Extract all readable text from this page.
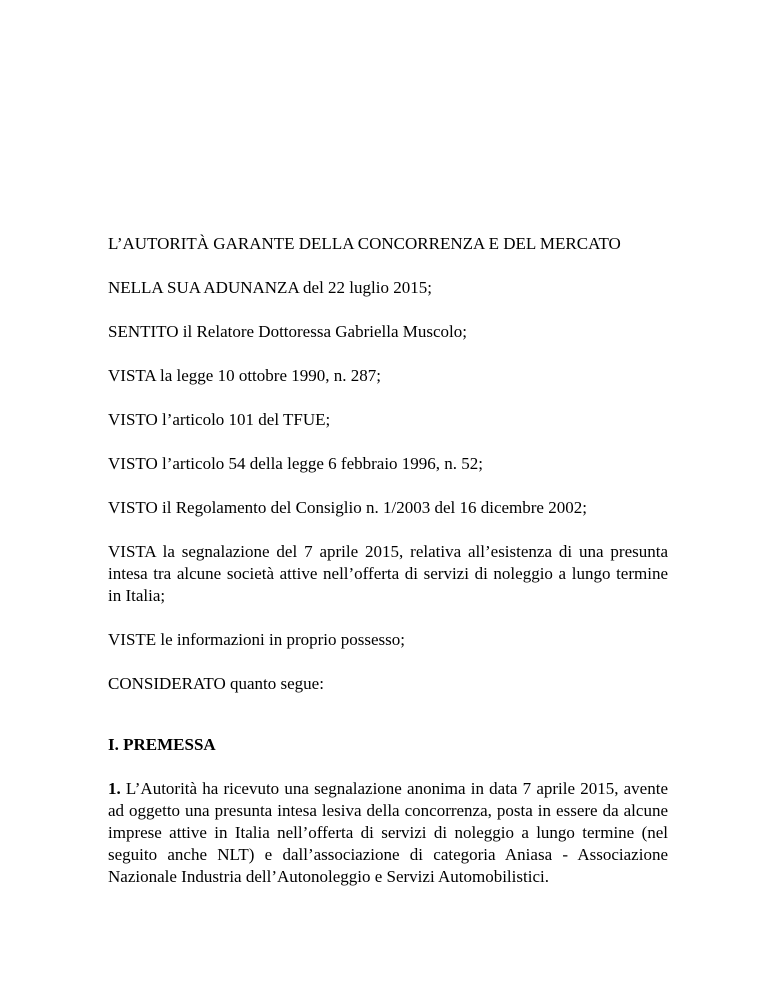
L’AUTORITÀ GARANTE DELLA CONCORRENZA E DEL MERCATO

NELLA SUA ADUNANZA del 22 luglio 2015;

SENTITO il Relatore Dottoressa Gabriella Muscolo;

VISTA la legge 10 ottobre 1990, n. 287;

VISTO l’articolo 101 del TFUE;

VISTO l’articolo 54 della legge 6 febbraio 1996, n. 52;

VISTO il Regolamento del Consiglio n. 1/2003 del 16 dicembre 2002;

VISTA la segnalazione del 7 aprile 2015, relativa all’esistenza di una presunta intesa tra alcune società attive nell’offerta di servizi di noleggio a lungo termine in Italia;

VISTE le informazioni in proprio possesso;

CONSIDERATO quanto segue:

I. PREMESSA

1. L’Autorità ha ricevuto una segnalazione anonima in data 7 aprile 2015, avente ad oggetto una presunta intesa lesiva della concorrenza, posta in essere da alcune imprese attive in Italia nell’offerta di servizi di noleggio a lungo termine (nel seguito anche NLT) e dall’associazione di categoria Aniasa - Associazione Nazionale Industria dell’Autonoleggio e Servizi Automobilistici.
